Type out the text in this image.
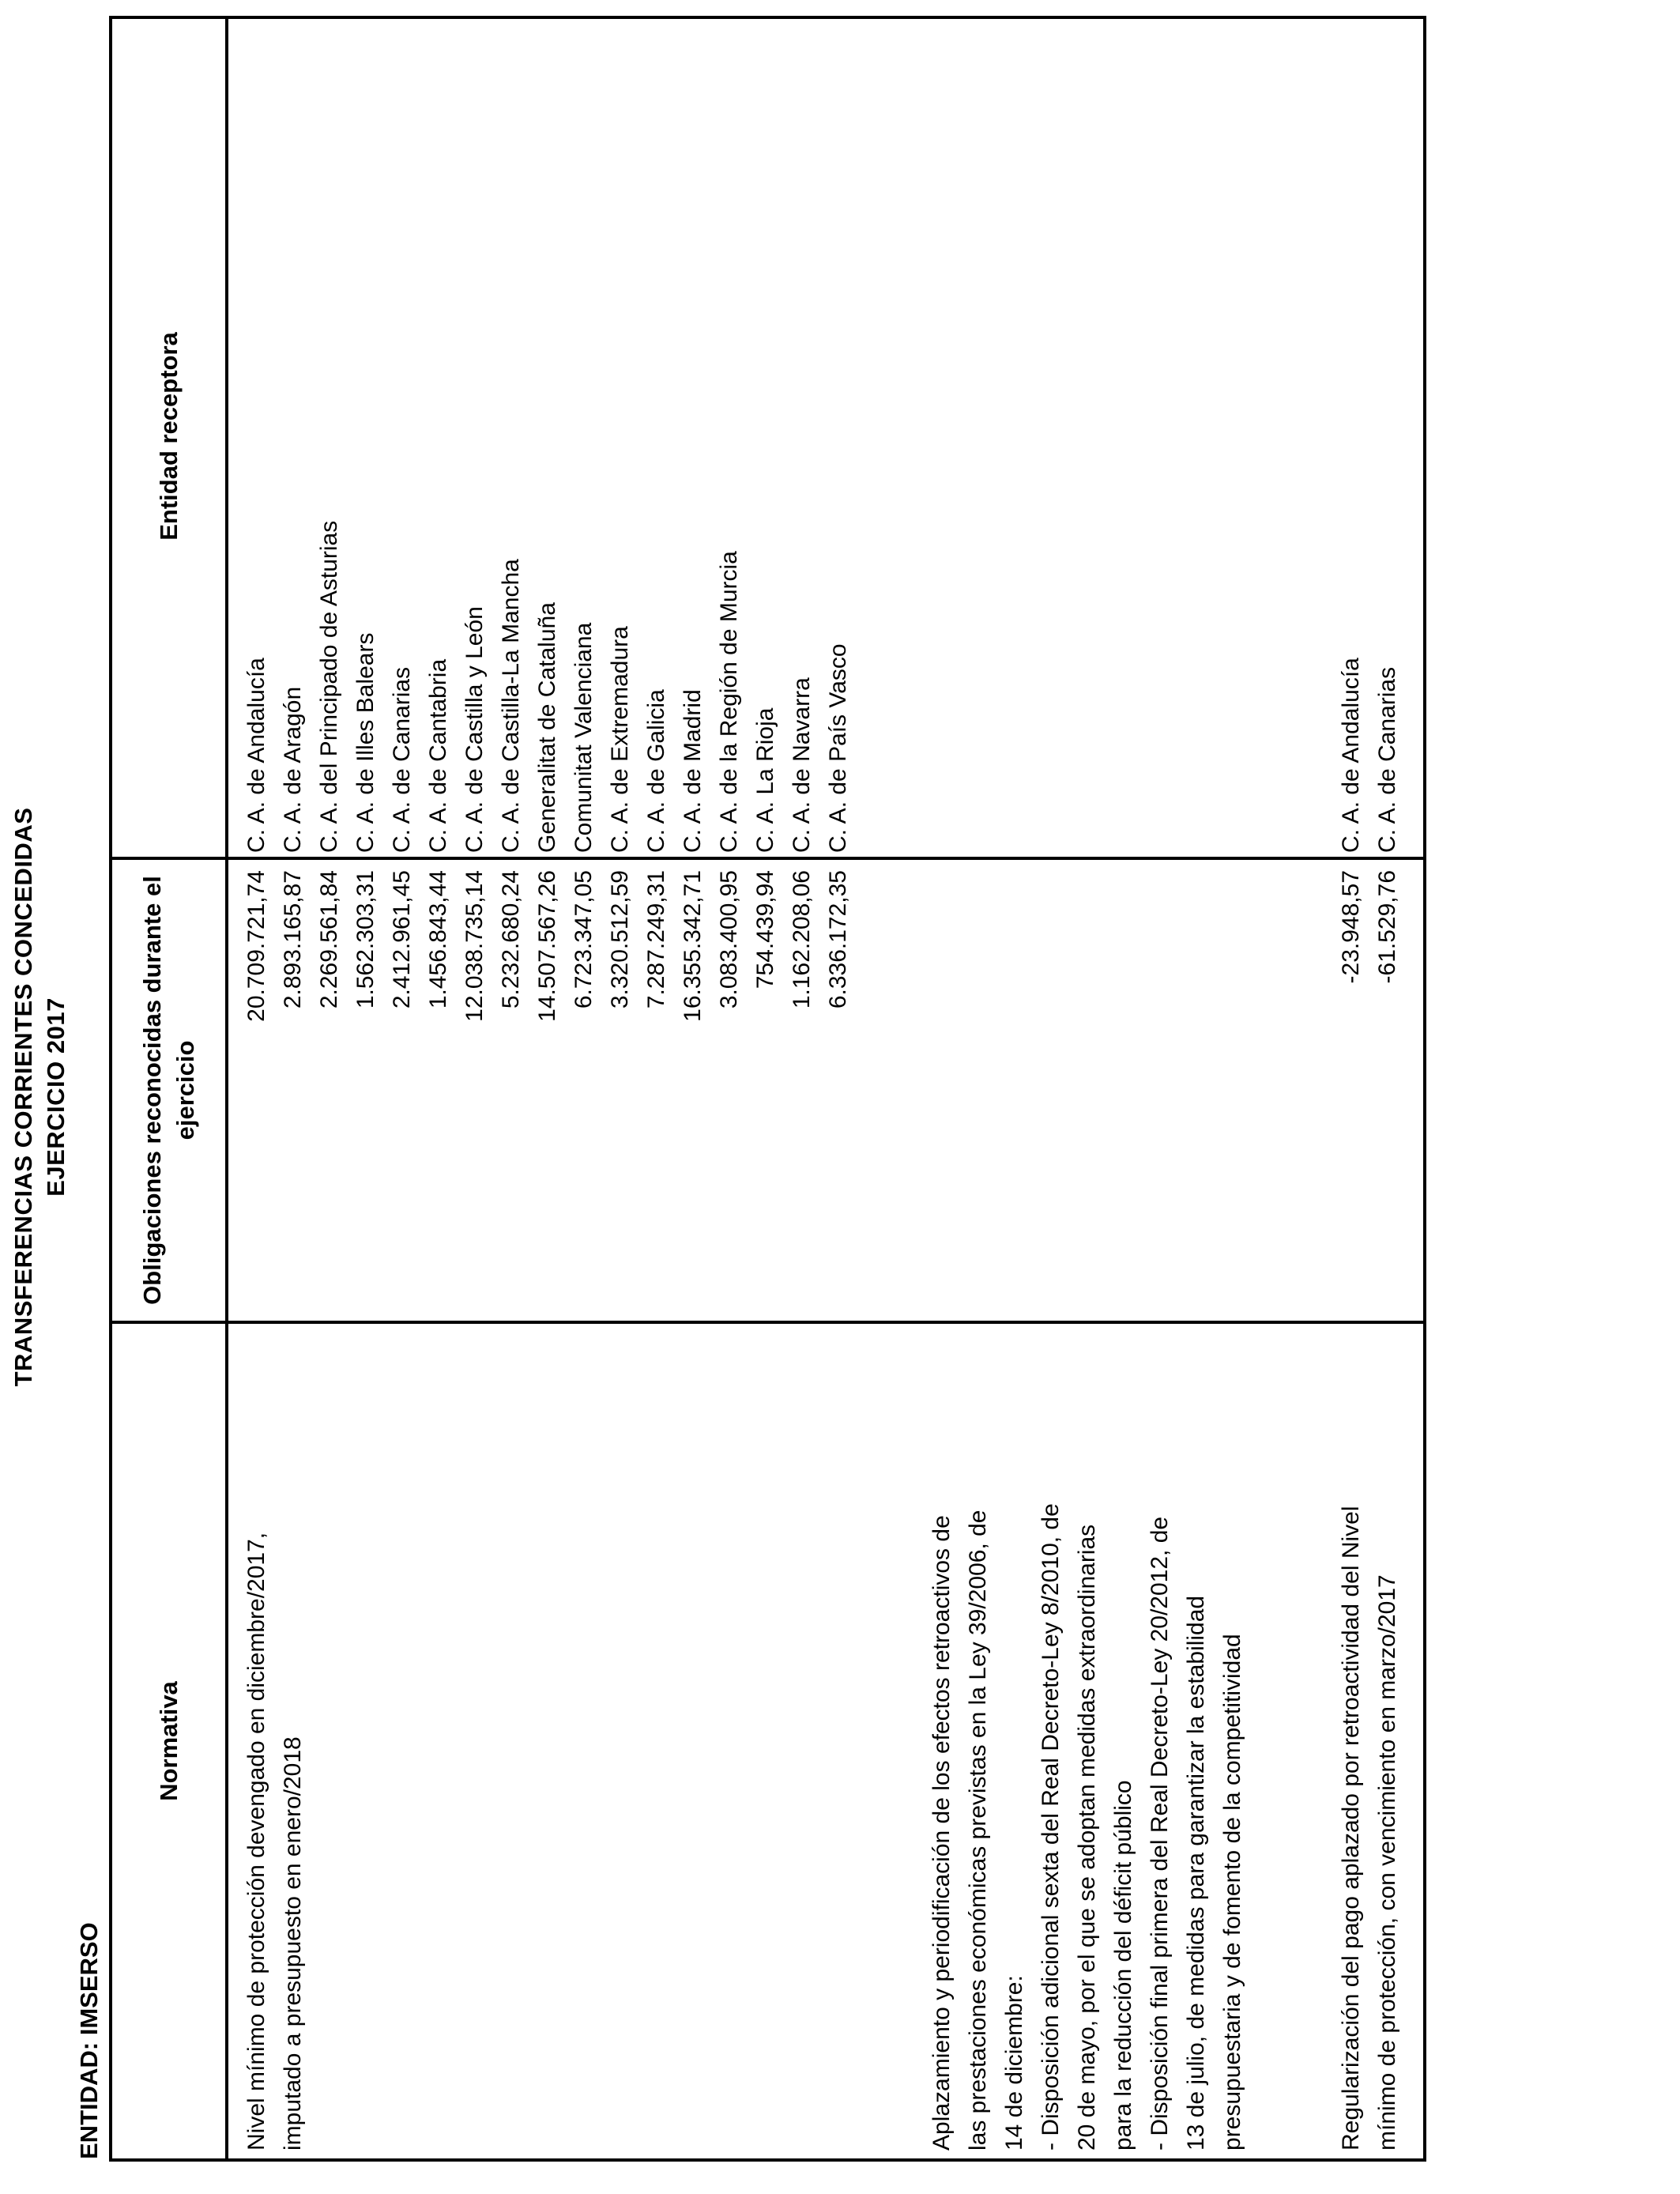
TRANSFERENCIAS CORRIENTES CONCEDIDAS EJERCICIO 2017
ENTIDAD: IMSERSO
Normativa
Obligaciones reconocidas durante el ejercicio
Entidad receptora
Nivel mínimo de protección devengado en diciembre/2017,
imputado a presupuesto en enero/2018
20.709.721,74 2.893.165,87 2.269.561,84 1.562.303,31 2.412.961,45 1.456.843,44 12.038.735,14 5.232.680,24 14.507.567,26 6.723.347,05 3.320.512,59 7.287.249,31 16.355.342,71 3.083.400,95 754.439,94 1.162.208,06 6.336.172,35
C. A. de Andalucía C. A. de Aragón C. A. del Principado de Asturias C. A. de Illes Balears C. A. de Canarias C. A. de Cantabria C. A. de Castilla y León C. A. de Castilla-La Mancha Generalitat de Cataluña Comunitat Valenciana C. A. de Extremadura C. A. de Galicia C. A. de Madrid C. A. de la Región de Murcia C. A. La Rioja C. A. de Navarra C. A. de País Vasco
Aplazamiento y periodificación de los efectos retroactivos de
las prestaciones económicas previstas en la Ley 39/2006, de
14 de diciembre:
- Disposición adicional sexta del Real Decreto-Ley 8/2010, de
20 de mayo, por el que se adoptan medidas extraordinarias
para la reducción del déficit público
- Disposición final primera del Real Decreto-Ley 20/2012, de
13 de julio, de medidas para garantizar la estabilidad
presupuestaria y de fomento de la competitividad
Regularización del pago aplazado por retroactividad del Nivel
mínimo de protección, con vencimiento en marzo/2017
-23.948,57 -61.529,76
C. A. de Andalucía C. A. de Canarias
